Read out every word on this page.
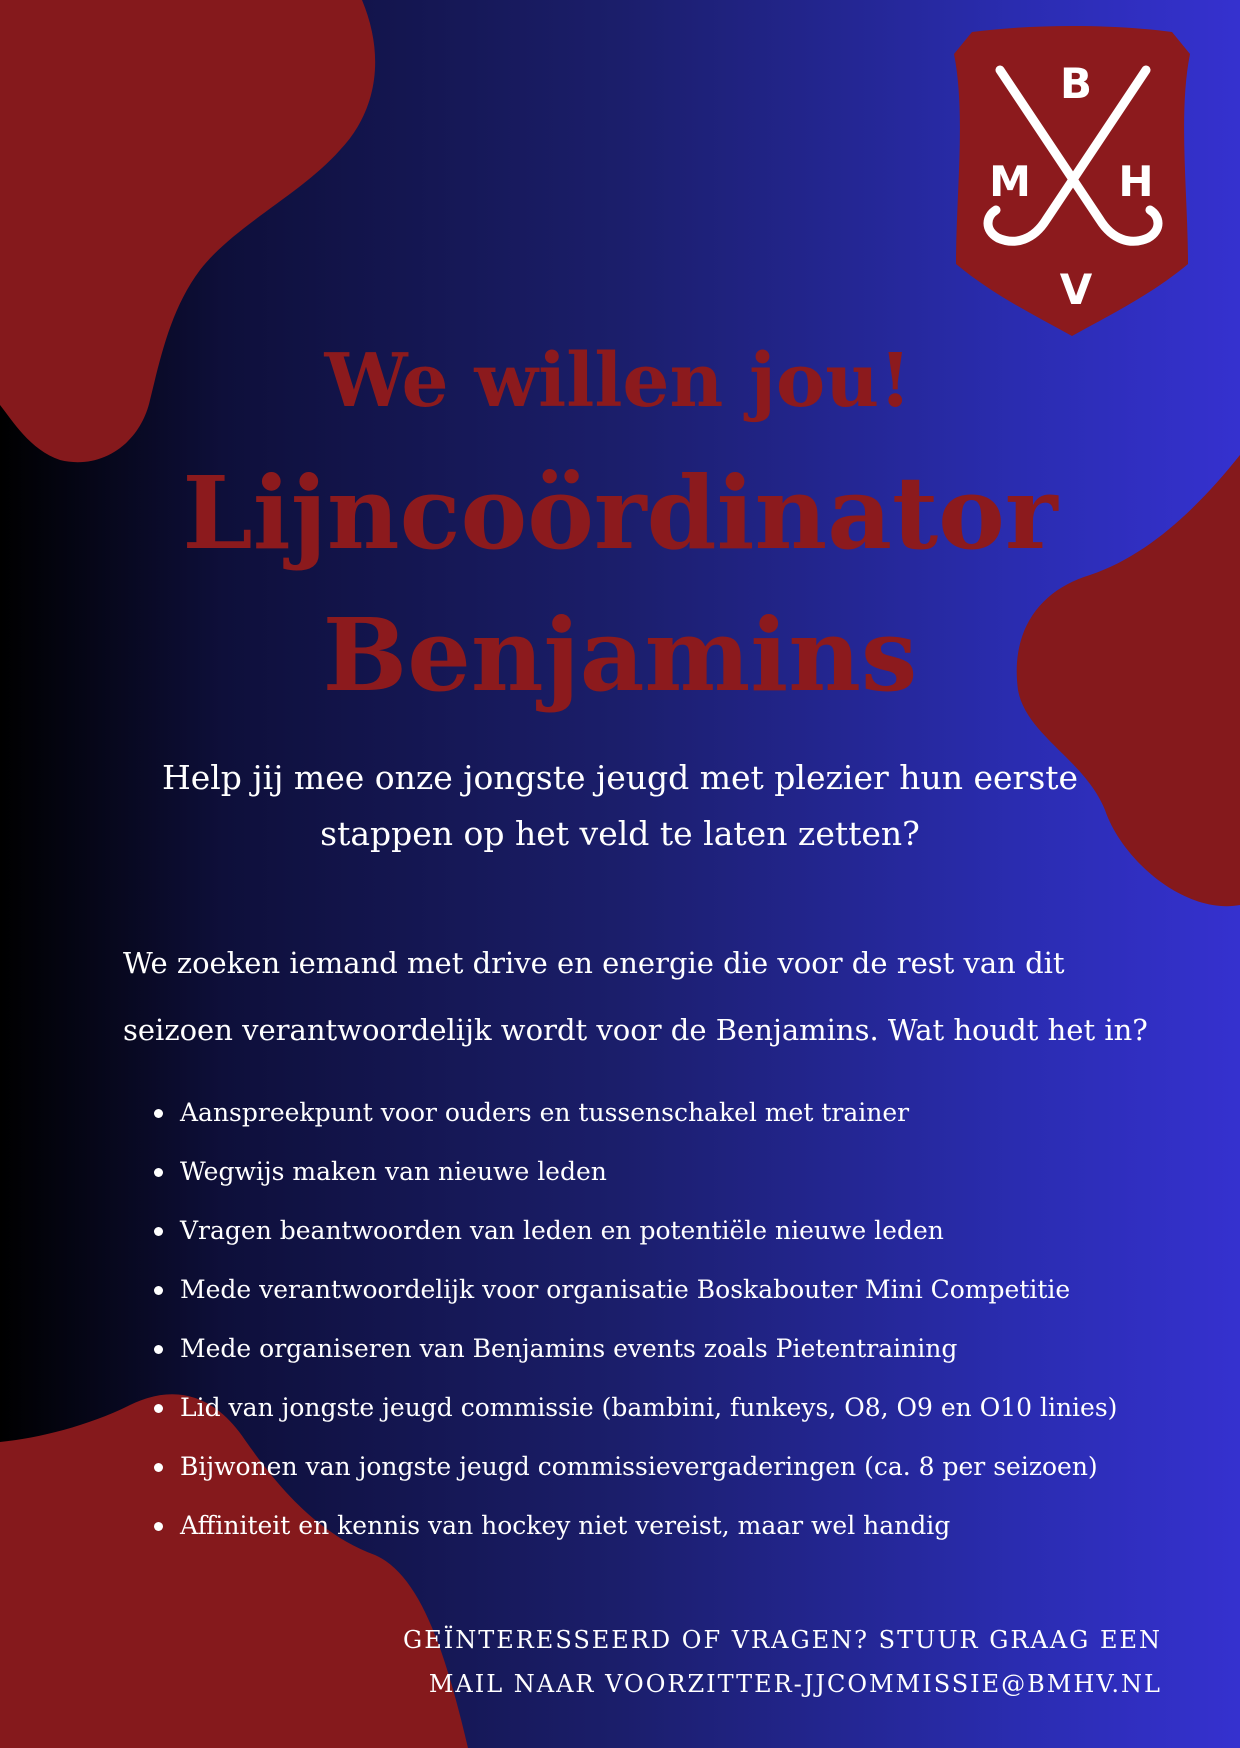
B
M H
V
We willen jou!
Lijncoördinator
Benjamins
Help jij mee onze jongste jeugd met plezier hun eerste
stappen op het veld te laten zetten?
We zoeken iemand met drive en energie die voor de rest van dit
seizoen verantwoordelijk wordt voor de Benjamins. Wat houdt het in?
Aanspreekpunt voor ouders en tussenschakel met trainer
Wegwijs maken van nieuwe leden
Vragen beantwoorden van leden en potentiële nieuwe leden
Mede verantwoordelijk voor organisatie Boskabouter Mini Competitie
Mede organiseren van Benjamins events zoals Pietentraining
Lid van jongste jeugd commissie (bambini, funkeys, O8, O9 en O10 linies)
Bijwonen van jongste jeugd commissievergaderingen (ca. 8 per seizoen)
Affiniteit en kennis van hockey niet vereist, maar wel handig
GEÏNTERESSEERD OF VRAGEN? STUUR GRAAG EEN
MAIL NAAR VOORZITTER-JJCOMMISSIE@BMHV.NL
